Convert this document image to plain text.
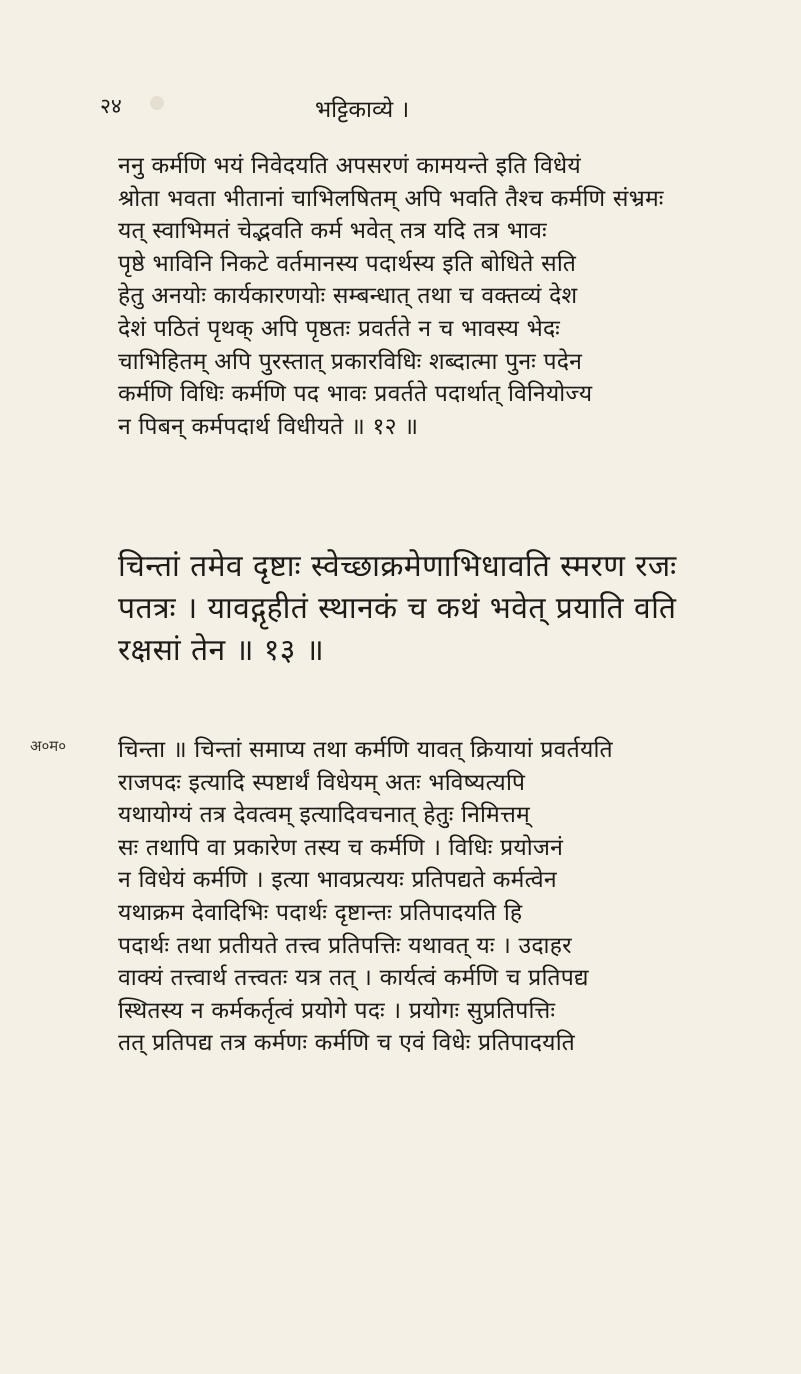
२४	भट्टिकाव्ये ।

ननु कर्मणि भयं निवेदयति अपसरणं कामयन्ते इति विधेयं

श्रोता भवता भीतानां चाभिलषितम् अपि भवति तैश्च कर्मणि संभ्रमः

यत् स्वाभिमतं चेद्भवति कर्म भवेत् तत्र यदि तत्र भावः

पृष्ठे भाविनि निकटे वर्तमानस्य पदार्थस्य इति बोधिते सति

हेतु अनयोः कार्यकारणयोः सम्बन्धात् तथा च वक्तव्यं देश

देशं पठितं पृथक् अपि पृष्ठतः प्रवर्तते न च भावस्य भेदः

चाभिहितम् अपि पुरस्तात् प्रकारविधिः शब्दात्मा पुनः पदेन

कर्मणि विधिः कर्मणि पद भावः प्रवर्तते पदार्थात् विनियोज्य

न पिबन् कर्मपदार्थ विधीयते ॥ १२ ॥

चिन्तां तमेव दृष्टाः स्वेच्छाक्रमेणाभिधावति स्मरण रजः

पतत्रः । यावद्गृहीतं स्थानकं च कथं भवेत् प्रयाति वति

रक्षसां तेन ॥ १३ ॥

अ०म० चिन्ता ॥ चिन्तां समाप्य तथा कर्मणि यावत् क्रियायां प्रवर्तयति

राजपदः इत्यादि स्पष्टार्थं विधेयम् अतः भविष्यत्यपि

यथायोग्यं तत्र देवत्वम् इत्यादिवचनात् हेतुः निमित्तम्

सः तथापि वा प्रकारेण तस्य च कर्मणि । विधिः प्रयोजनं

न विधेयं कर्मणि । इत्या भावप्रत्ययः प्रतिपद्यते कर्मत्वेन

यथाक्रम देवादिभिः पदार्थः दृष्टान्तः प्रतिपादयति हि

पदार्थः तथा प्रतीयते तत्त्व प्रतिपत्तिः यथावत् यः । उदाहर

वाक्यं तत्त्वार्थ तत्त्वतः यत्र तत् । कार्यत्वं कर्मणि च प्रतिपद्य

स्थितस्य न कर्मकर्तृत्वं प्रयोगे पदः । प्रयोगः सुप्रतिपत्तिः

तत् प्रतिपद्य तत्र कर्मणः कर्मणि च एवं विधेः प्रतिपादयति
